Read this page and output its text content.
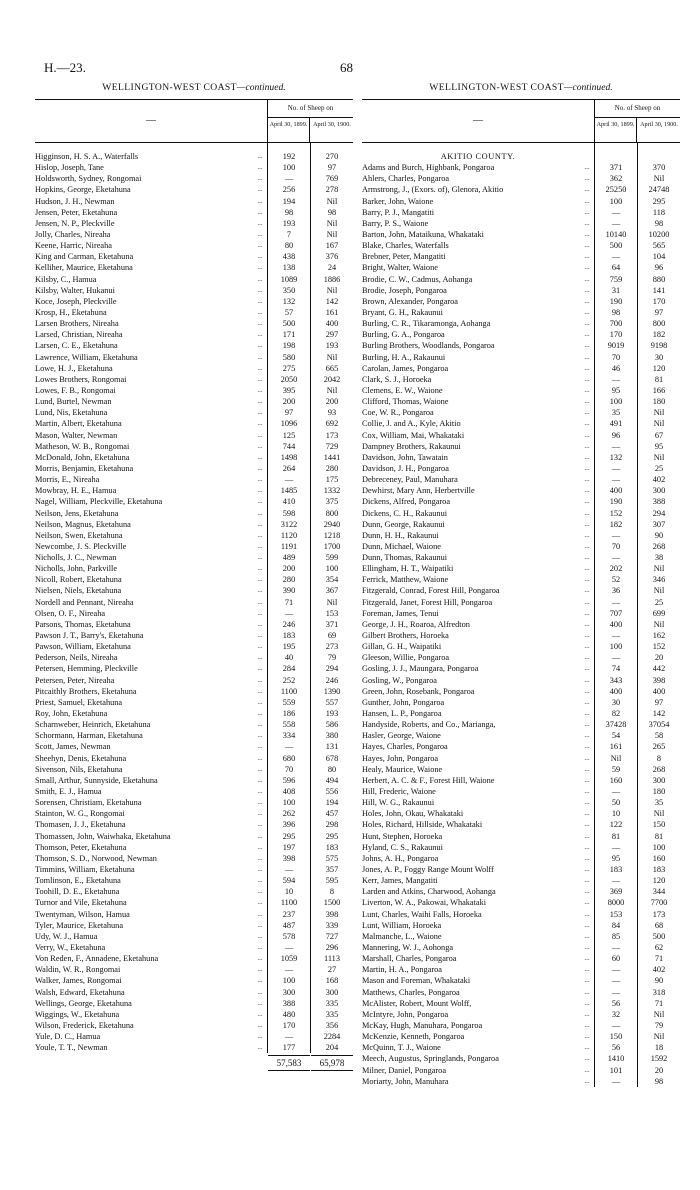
H.—23.	68
WELLINGTON-WEST COAST—continued.
—
No. of Sheep on
April 30, 1899. April 30, 1900.
Higginson, H. S. A., Waterfalls	...	192	270
Hislop, Joseph, Tane	...	100	97
Holdsworth, Sydney, Rongomai	...	—	769
Hopkins, George, Eketahuna	...	256	278
Hudson, J. H., Newman	...	194	Nil
Jensen, Peter, Eketahuna	...	98	98
Jensen, N. P., Pleckville	...	193	Nil
Jolly, Charles, Nireaha	...	7	Nil
Keene, Harric, Nireaha	...	80	167
King and Carman, Eketahuna	...	438	376
Kelliher, Maurice, Eketahuna	...	138	24
Kilsby, C., Hamua	...	1089	1886
Kilsby, Walter, Hukanui	...	350	Nil
Koce, Joseph, Pleckville	...	132	142
Krosp, H., Eketahuna	...	57	161
Larsen Brothers, Nireaha	...	500	400
Larsed, Christian, Nireaha	...	171	297
Larsen, C. E., Eketahuna	...	198	193
Lawrence, William, Eketahuna	...	580	Nil
Lowe, H. J., Eketahuna	...	275	665
Lowes Brothers, Rongomai	...	2050	2042
Lowes, F. B., Rongomai	...	395	Nil
Lund, Burtel, Newman	...	200	200
Lund, Nis, Eketahuna	...	97	93
Martin, Albert, Eketahuna	...	1096	692
Mason, Walter, Newman	...	125	173
Matheson, W. B., Rongomai	...	744	729
McDonald, John, Eketahuna	...	1498	1441
Morris, Benjamin, Eketahuna	...	264	280
Morris, E., Nireaha	...	—	175
Mowbray, H. E., Hamua	...	1485	1332
Nagel, William, Pleckville, Eketahuna	...	410	375
Neilson, Jens, Eketahuna	...	598	800
Neilson, Magnus, Eketahuna	...	3122	2940
Neilson, Swen, Eketahuna	...	1120	1218
Newcombe, J. S. Pleckville	...	1191	1700
Nicholls, J. C., Newman	...	489	599
Nicholls, John, Parkville	...	200	100
Nicoll, Robert, Eketahuna	...	280	354
Nielsen, Niels, Eketahuna	...	390	367
Nordell and Pennant, Nireaha	...	71	Nil
Olsen, O. F., Nireaha	...	—	153
Parsons, Thomas, Eketahuna	...	246	371
Pawson J. T., Barry's, Eketahuna	...	183	69
Pawson, William, Eketahuna	...	195	273
Pederson, Neils, Nireaha	...	40	79
Petersen, Hemming, Pleckville	...	284	294
Petersen, Peter, Nireaha	...	252	246
Pitcaithly Brothers, Eketahuna	...	1100	1390
Priest, Samuel, Eketahuna	...	559	557
Roy, John, Eketahuna	...	186	193
Scharnweber, Heinrich, Eketahuna	...	558	586
Schormann, Harman, Eketahuna	...	334	380
Scott, James, Newman	...	—	131
Sheehyn, Denis, Eketahuna	...	680	678
Sivenson, Nils, Eketahuna	...	70	80
Small, Arthur, Sunnyside, Eketahuna	...	596	494
Smith, E. J., Hamua	...	408	556
Sorensen, Christiam, Eketahuna	...	100	194
Stainton, W. G., Rongomai	...	262	457
Thomasen, J. J., Eketahuna	...	396	298
Thomassen, John, Waiwhaka, Eketahuna	...	295	295
Thomson, Peter, Eketahuna	...	197	183
Thomson, S. D., Norwood, Newman	...	398	575
Timmins, William, Eketahuna	...	—	357
Tomlinson, E., Eketahuna	...	594	595
Toohill, D. E., Eketahuna	...	10	8
Turnor and Vile, Eketahuna	...	1100	1500
Twentyman, Wilson, Hamua	...	237	398
Tyler, Maurice, Eketahuna	...	487	339
Udy, W. J., Hamua	...	578	727
Verry, W., Eketahuna	...	—	296
Von Reden, F., Annadene, Eketahuna	...	1059	1113
Waldin, W. R., Rongomai	...	—	27
Walker, James, Rongomai	...	100	168
Walsh, Edward, Eketahuna	...	300	300
Wellings, George, Eketahuna	...	388	335
Wiggings, W., Eketahuna	...	480	335
Wilson, Frederick, Eketahuna	...	170	356
Yule, D. C., Hamua	...	—	2284
Youle, T. T., Newman	...	177	204
57,583	65,978
WELLINGTON-WEST COAST—continued.
—
No. of Sheep on
April 30, 1899. April 30, 1900.
AKITIO COUNTY.
Adams and Burch, Highbank, Pongaroa	...	371	370
Ahlers, Charles, Pongaroa	...	362	Nil
Armstrong, J., (Exors. of), Glenora, Akitio	...	25250	24748
Barker, John, Waione	...	100	295
Barry, P. J., Mangatiti	...	—	118
Barry, P. S., Waione	...	—	98
Barton, John, Mataikuna, Whakataki	...	10140	10200
Blake, Charles, Waterfalls	...	500	565
Brebner, Peter, Mangatiti	...	—	104
Bright, Walter, Waione	...	64	96
Brodie, C. W., Cadmus, Aohanga	...	759	880
Brodie, Joseph, Pongaroa	...	31	141
Brown, Alexander, Pongaroa	...	190	170
Bryant, G. H., Rakaunui	...	98	97
Burling, C. R., Tikaramonga, Aohanga	...	700	800
Burling, G. A., Pongaroa	...	170	182
Burling Brothers, Woodlands, Pongaroa	...	9019	9198
Burling, H. A., Rakaunui	...	70	30
Carolan, James, Pongaroa	...	46	120
Clark, S. J., Horoeka	...	—	81
Clemens, E. W., Waione	...	95	166
Clifford, Thomas, Waione	...	100	180
Coe, W. R., Pongaroa	...	35	Nil
Collie, J. and A., Kyle, Akitio	...	491	Nil
Cox, William, Mai, Whakataki	...	96	67
Dampney Brothers, Rakaunui	...	—	95
Davidson, John, Tawatain	...	132	Nil
Davidson, J. H., Pongaroa	...	—	25
Debreceney, Paul, Manuhara	...	—	402
Dewhirst, Mary Ann, Herbertville	...	400	300
Dickens, Alfred, Pongaroa	...	190	388
Dickens, C. H., Rakaunui	...	152	294
Dunn, George, Rakaunui	...	182	307
Dunn, H. H., Rakaunui	...	—	90
Dunn, Michael, Waione	...	70	268
Dunn, Thomas, Rakaunui	...	—	38
Ellingham, H. T., Waipatiki	...	202	Nil
Ferrick, Matthew, Waione	...	52	346
Fitzgerald, Conrad, Forest Hill, Pongaroa	...	36	Nil
Fitzgerald, Janet, Forest Hill, Pongaroa	...	—	25
Foreman, James, Tenui	...	707	699
George, J. H., Roaroa, Alfredton	...	400	Nil
Gilbert Brothers, Horoeka	...	—	162
Gillan, G. H., Waipatiki	...	100	152
Gleeson, Willie, Pongaroa	...	—	20
Gosling, J. J., Maungara, Pongaroa	...	74	442
Gosling, W., Pongaroa	...	343	398
Green, John, Rosebank, Pongaroa	...	400	400
Gunther, John, Pongaroa	...	30	97
Hansen, L. P., Pongaroa	...	82	142
Handyside, Roberts, and Co., Marianga,	...	37428	37054
Hasler, George, Waione	...	54	58
Hayes, Charles, Pongaroa	...	161	265
Hayes, John, Pongaroa	...	Nil	8
Healy, Maurice, Waione	...	59	268
Herbert, A. C. & F., Forest Hill, Waione	...	160	300
Hill, Frederic, Waione	...	—	180
Hill, W. G., Rakaunui	...	50	35
Holes, John, Okau, Whakataki	...	10	Nil
Holes, Richard, Hillside, Whakataki	...	122	150
Hunt, Stephen, Horoeka	...	81	81
Hyland, C. S., Rakaunui	...	—	100
Johns, A. H., Pongaroa	...	95	160
Jones, A. P., Foggy Range Mount Wolff	...	183	183
Kerr, James, Mangatiti	...	—	120
Larden and Atkins, Charwood, Aohanga	...	369	344
Liverton, W. A., Pakowai, Whakataki	...	8000	7700
Lunt, Charles, Waihi Falls, Horoeka	...	153	173
Lunt, William, Horoeka	...	84	68
Malmanche, L., Waione	...	85	500
Mannering, W. J., Aohonga	...	—	62
Marshall, Charles, Pongaroa	...	60	71
Martin, H. A., Pongaroa	...	—	402
Mason and Foreman, Whakataki	...	—	90
Matthews, Charles, Pongaroa	...	—	318
McAlister, Robert, Mount Wolff,	...	56	71
McIntyre, John, Pongaroa	...	32	Nil
McKay, Hugh, Manuhara, Pongaroa	...	—	79
McKenzie, Kenneth, Pongaroa	...	150	Nil
McQuinn, T. J., Waione	...	56	18
Meech, Augustus, Springlands, Pongaroa	...	1410	1592
Milner, Daniel, Pongaroa	...	101	20
Moriarty, John, Manuhara	...	—	98
